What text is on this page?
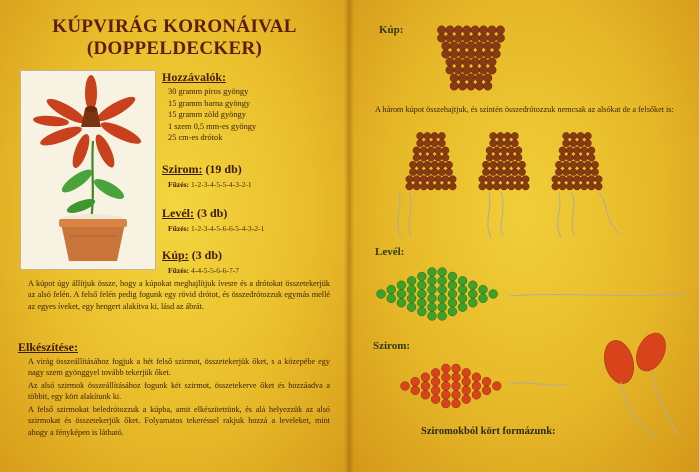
KÚPVIRÁG KORONÁIVAL
(DOPPELDECKER)
Hozzávalók:
30 gramm piros gyöngy
15 gramm barna gyöngy
15 gramm zöld gyöngy
1 szem 0,5 mm-es gyöngy
25 cm-es drótok
Szirom: (19 db)
Fűzés: 1-2-3-4-5-5-4-3-2-1
Levél: (3 db)
Fűzés: 1-2-3-4-5-6-6-5-4-3-2-1
Kúp: (3 db)
Fűzés: 4-4-5-5-6-6-7-7
A kúpot úgy állítjuk össze, hogy a kúpokat meghajlítjuk ívesre és a drótokat összetekerjük az alsó felén. A felső felén pedig fogunk egy rövid drótot, és összedrótozzuk egymás mellé az egyes íveket, egy hengert alakítva ki, lásd az ábrát.
Elkészítése:
A virág összeállításához fogjuk a hét felső szirmot, összetekerjük őket, s a közepébe egy nagy szem gyönggyel tovább tekerjük őket.
Az alsó szirmok összeállításához fogunk két szirmot, összetekerve őket és hozzáadva a többit, egy kört alakítunk ki.
A felső szirmokat beledrótozzuk a kúpba, amit elkészítettünk, és alá helyezzük az alsó szirmokat és összetekerjük őket. Folyamatos tekeréssel rakjuk hozzá a leveleket, mint ahogy a fényképen is látható.
Kúp:
A három kúpot összehajtjuk, és szintén összedrótozzuk nemcsak az alsókat de a felsőket is:
Levél:
Szirom:
Sziromokból kört formázunk:
